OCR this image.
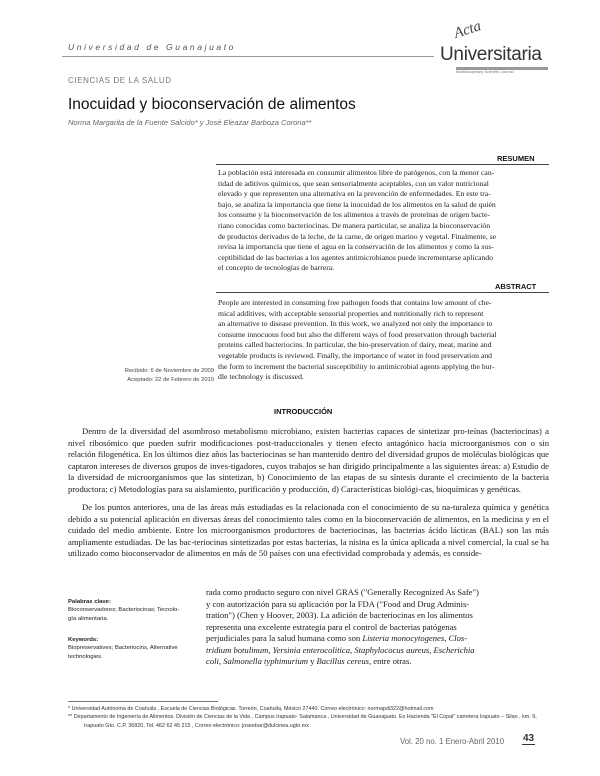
Universidad de Guanajuato
Acta
Universitaria
Multidisciplinary Scientific Journal
CIENCIAS DE LA SALUD
Inocuidad y bioconservación de alimentos
Norma Margarita de la Fuente Salcido* y José Eleazar Barboza Corona**
RESUMEN
La población está interesada en consumir alimentos libre de patógenos, con la menor can-
tidad de aditivos químicos, que sean sensorialmente aceptables, con un valor nutricional
elevado y que representen una alternativa en la prevención de enfermedades. En este tra-
bajo, se analiza la importancia que tiene la inocuidad de los alimentos en la salud de quién
los consume y la bioconservación de los alimentos a través de proteínas de origen bacte-
riano conocidas como bacteriocinas. De manera particular, se analiza la bioconservación
de productos derivados de la leche, de la carne, de origen marino y vegetal. Finalmente, se
revisa la importancia que tiene el agua en la conservación de los alimentos y como la sus-
ceptibilidad de las bacterias a los agentes antimicrobianos puede incrementarse aplicando
el concepto de tecnologías de barrera.
ABSTRACT
People are interested in consuming free pathogen foods that contains low amount of che-
mical additives, with acceptable sensorial properties and nutritionally rich to represent
an alternative to disease prevention. In this work, we analyzed not only the importance to
consume innocuous food but also the different ways of food preservation through bacterial
proteins called bacteriocins. In particular, the bio-preservation of dairy, meat, marine and
vegetable products is reviewed. Finally, the importance of water in food preservation and
the form to increment the bacterial susceptibility to antimicrobial agents applying the hur-
dle technology is discussed.
Recibido: 6 de Noviembre de 2009
Aceptado: 22 de Febrero de 2010
INTRODUCCIÓN

Dentro de la diversidad del asombroso metabolismo microbiano, existen bacterias capaces de sintetizar pro-teínas (bacteriocinas) a nivel ribosómico que pueden sufrir modificaciones post-traduccionales y tienen efecto antagónico hacia microorganismos con o sin relación filogenética. En los últimos diez años las bacteriocinas se han mantenido dentro del diversidad grupos de moléculas biológicas que captaron intereses de diversos grupos de inves-tigadores, cuyos trabajos se han dirigido principalmente a las siguientes áreas: a) Estudio de la diversidad de microorganismos que las sintetizan, b) Conocimiento de las etapas de su síntesis durante el crecimiento de la bacteria productora; c) Metodologías para su aislamiento, purificación y producción, d) Características biológi-cas, bioquímicas y genéticas.

De los puntos anteriores, una de las áreas más estudiadas es la relacionada con el conocimiento de su na-turaleza química y genética debido a su potencial aplicación en diversas áreas del conocimiento tales como en la bioconservación de alimentos, en la medicina y en el cuidado del medio ambiente. Entre los microorganismos productores de bacteriocinas, las bacterias ácido lácticas (BAL) son las más ampliamente estudiadas. De las bac-teriocinas sintetizadas por estas bacterias, la nisina es la única aplicada a nivel comercial, la cual se ha utilizado como bioconservador de alimentos en más de 50 países con una efectividad comprobada y además, es conside-

rada como producto seguro con nivel GRAS ("Generally Recognized As Safe")
y con autorización para su aplicación por la FDA ("Food and Drug Adminis-
tration") (Chen y Hoover, 2003). La adición de bacteriocinas en los alimentos
representa una excelente estrategia para el control de bacterias patógenas
perjudiciales para la salud humana como son Listeria monocytogenes, Clos-
tridium botulinum, Yersinia enterocolitica, Staphylococus aureus, Escherichia
coli, Salmonella typhimurium y Bacillus cereus, entre otras.
Palabras clave:
Bioconservadores; Bacteriocinas; Tecnolo-
gía alimentaria.
Keywords:
Biopreservatives; Bacteriocins, Alternative
technologies.
* Universidad Autónoma de Coahuila , Escuela de Ciencias Biológicas. Torreón, Coahuila, México 27440. Correo electrónico: normapdi322@hotmail.com
** Departamento de Ingeniería de Alimentos. División de Ciencias de la Vida , Campus Irapuato- Salamanca , Universidad de Guanajuato. Ex Hacienda "El Copal" carretera Irapuato – Silao , km. 9,
Irapuato Gto. C.P. 36820, Tel. 462 62 45 215 , Correo electrónico: joseebar@dulcinea.ugto.mx
Vol. 20 no. 1 Enero-Abril 2010 43
